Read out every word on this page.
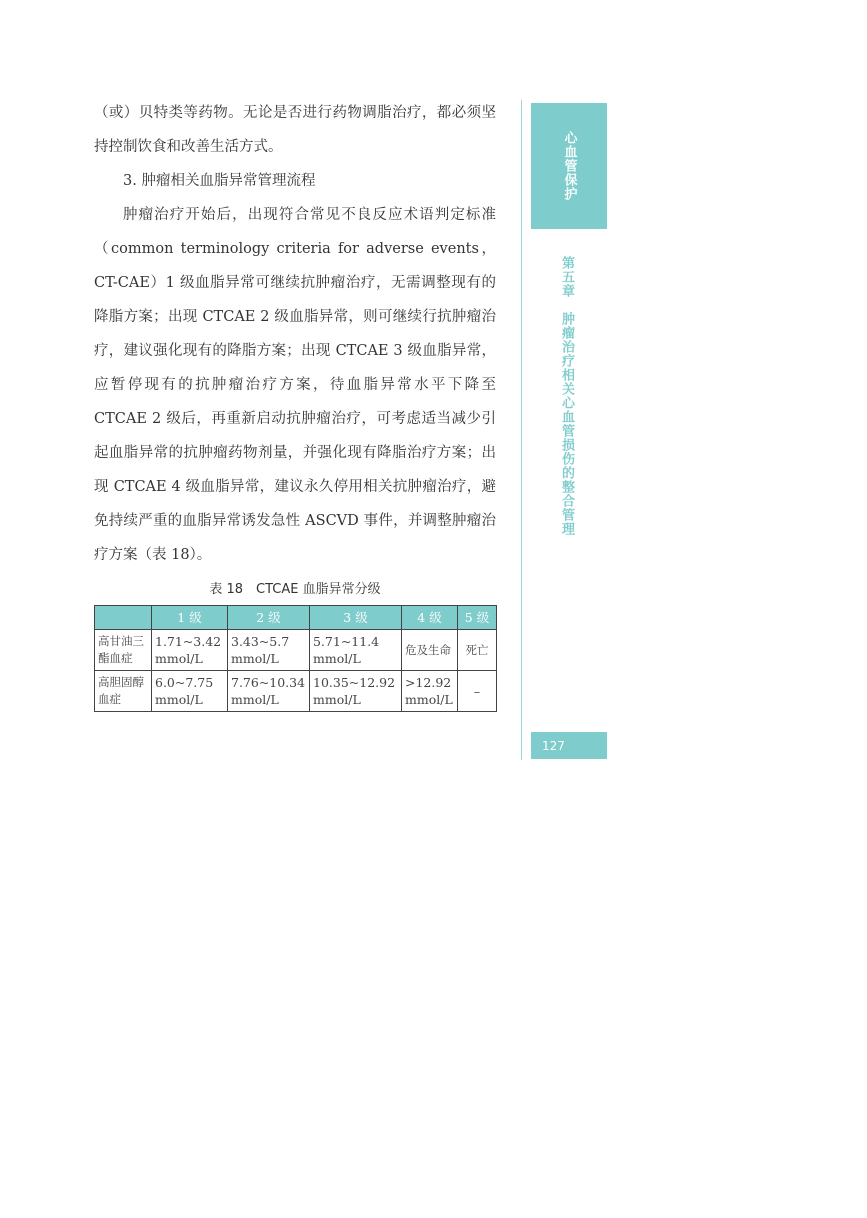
（或）贝特类等药物。无论是否进行药物调脂治疗，都必须坚持控制饮食和改善生活方式。

3. 肿瘤相关血脂异常管理流程

肿瘤治疗开始后，出现符合常见不良反应术语判定标准（common terminology criteria for adverse events，CT-CAE）1 级血脂异常可继续抗肿瘤治疗，无需调整现有的降脂方案；出现 CTCAE 2 级血脂异常，则可继续行抗肿瘤治疗，建议强化现有的降脂方案；出现 CTCAE 3 级血脂异常，应暂停现有的抗肿瘤治疗方案，待血脂异常水平下降至 CTCAE 2 级后，再重新启动抗肿瘤治疗，可考虑适当减少引起血脂异常的抗肿瘤药物剂量，并强化现有降脂治疗方案；出现 CTCAE 4 级血脂异常，建议永久停用相关抗肿瘤治疗，避免持续严重的血脂异常诱发急性 ASCVD 事件，并调整肿瘤治疗方案（表 18）。

表 18　CTCAE 血脂异常分级
	1 级	2 级	3 级	4 级	5 级
高甘油三酯血症	1.71~3.42 mmol/L	3.43~5.7 mmol/L	5.71~11.4 mmol/L	危及生命	死亡
高胆固醇血症	6.0~7.75 mmol/L	7.76~10.34 mmol/L	10.35~12.92 mmol/L	>12.92 mmol/L	–
心血管保护
第五章　肿瘤治疗相关心血管损伤的整合管理
127
